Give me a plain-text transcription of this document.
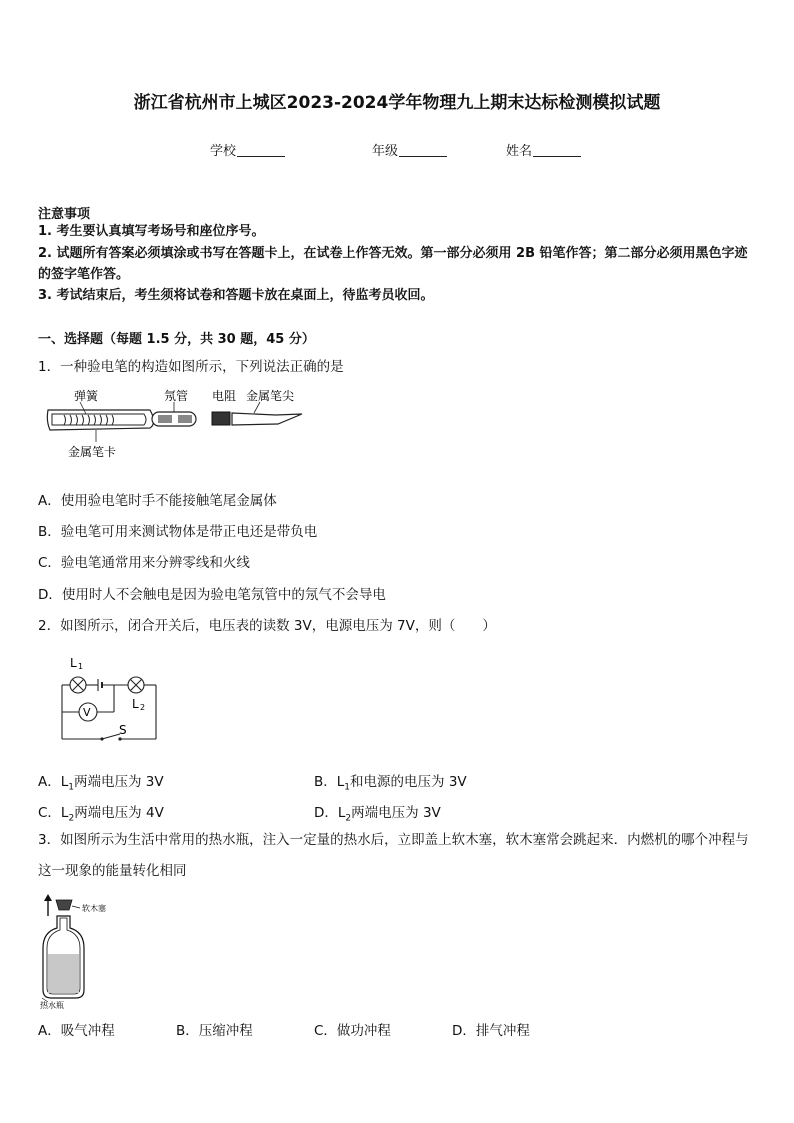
浙江省杭州市上城区2023-2024学年物理九上期末达标检测模拟试题
学校	年级	姓名
注意事项
1. 考生要认真填写考场号和座位序号。
2. 试题所有答案必须填涂或书写在答题卡上，在试卷上作答无效。第一部分必须用 2B 铅笔作答；第二部分必须用黑色字迹的签字笔作答。
3. 考试结束后，考生须将试卷和答题卡放在桌面上，待监考员收回。
一、选择题（每题 1.5 分，共 30 题，45 分）
1．一种验电笔的构造如图所示，下列说法正确的是
弹簧	氖管 电阻 金属笔尖
金属笔卡
A．使用验电笔时手不能接触笔尾金属体
B．验电笔可用来测试物体是带正电还是带负电
C．验电笔通常用来分辨零线和火线
D．使用时人不会触电是因为验电笔氖管中的氖气不会导电
2．如图所示，闭合开关后，电压表的读数 3V，电源电压为 7V，则（　　）
V
L 1
L 2
S
A．$L_1$两端电压为 3V	B．$L_1$和电源的电压为 3V
C．$L_2$两端电压为 4V	D．$L_2$两端电压为 3V
3．如图所示为生活中常用的热水瓶，注入一定量的热水后，立即盖上软木塞，软木塞常会跳起来．内燃机的哪个冲程与这一现象的能量转化相同
软木塞
热水瓶
A．吸气冲程	B．压缩冲程	C．做功冲程	D．排气冲程
